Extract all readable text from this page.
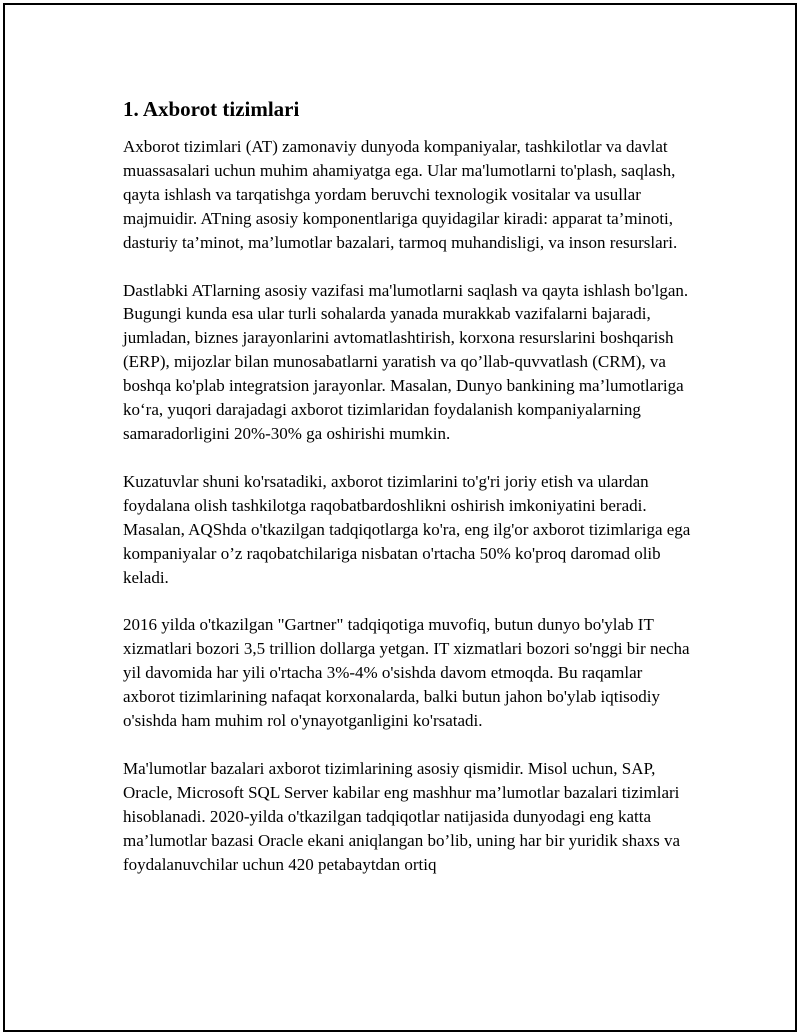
1. Axborot tizimlari

Axborot tizimlari (AT) zamonaviy dunyoda kompaniyalar, tashkilotlar va davlat muassasalari uchun muhim ahamiyatga ega. Ular ma'lumotlarni to'plash, saqlash, qayta ishlash va tarqatishga yordam beruvchi texnologik vositalar va usullar majmuidir. ATning asosiy komponentlariga quyidagilar kiradi: apparat ta’minoti, dasturiy ta’minot, ma’lumotlar bazalari, tarmoq muhandisligi, va inson resurslari.

Dastlabki ATlarning asosiy vazifasi ma'lumotlarni saqlash va qayta ishlash bo'lgan. Bugungi kunda esa ular turli sohalarda yanada murakkab vazifalarni bajaradi, jumladan, biznes jarayonlarini avtomatlashtirish, korxona resurslarini boshqarish (ERP), mijozlar bilan munosabatlarni yaratish va qo’llab-quvvatlash (CRM), va boshqa ko'plab integratsion jarayonlar. Masalan, Dunyo bankining ma’lumotlariga ko‘ra, yuqori darajadagi axborot tizimlaridan foydalanish kompaniyalarning samaradorligini 20%-30% ga oshirishi mumkin.

Kuzatuvlar shuni ko'rsatadiki, axborot tizimlarini to'g'ri joriy etish va ulardan foydalana olish tashkilotga raqobatbardoshlikni oshirish imkoniyatini beradi. Masalan, AQShda o'tkazilgan tadqiqotlarga ko'ra, eng ilg'or axborot tizimlariga ega kompaniyalar o’z raqobatchilariga nisbatan o'rtacha 50% ko'proq daromad olib keladi.

2016 yilda o'tkazilgan "Gartner" tadqiqotiga muvofiq, butun dunyo bo'ylab IT xizmatlari bozori 3,5 trillion dollarga yetgan. IT xizmatlari bozori so'nggi bir necha yil davomida har yili o'rtacha 3%-4% o'sishda davom etmoqda. Bu raqamlar axborot tizimlarining nafaqat korxonalarda, balki butun jahon bo'ylab iqtisodiy o'sishda ham muhim rol o'ynayotganligini ko'rsatadi.

Ma'lumotlar bazalari axborot tizimlarining asosiy qismidir. Misol uchun, SAP, Oracle, Microsoft SQL Server kabilar eng mashhur ma’lumotlar bazalari tizimlari hisoblanadi. 2020-yilda o'tkazilgan tadqiqotlar natijasida dunyodagi eng katta ma’lumotlar bazasi Oracle ekani aniqlangan bo’lib, uning har bir yuridik shaxs va foydalanuvchilar uchun 420 petabaytdan ortiq
